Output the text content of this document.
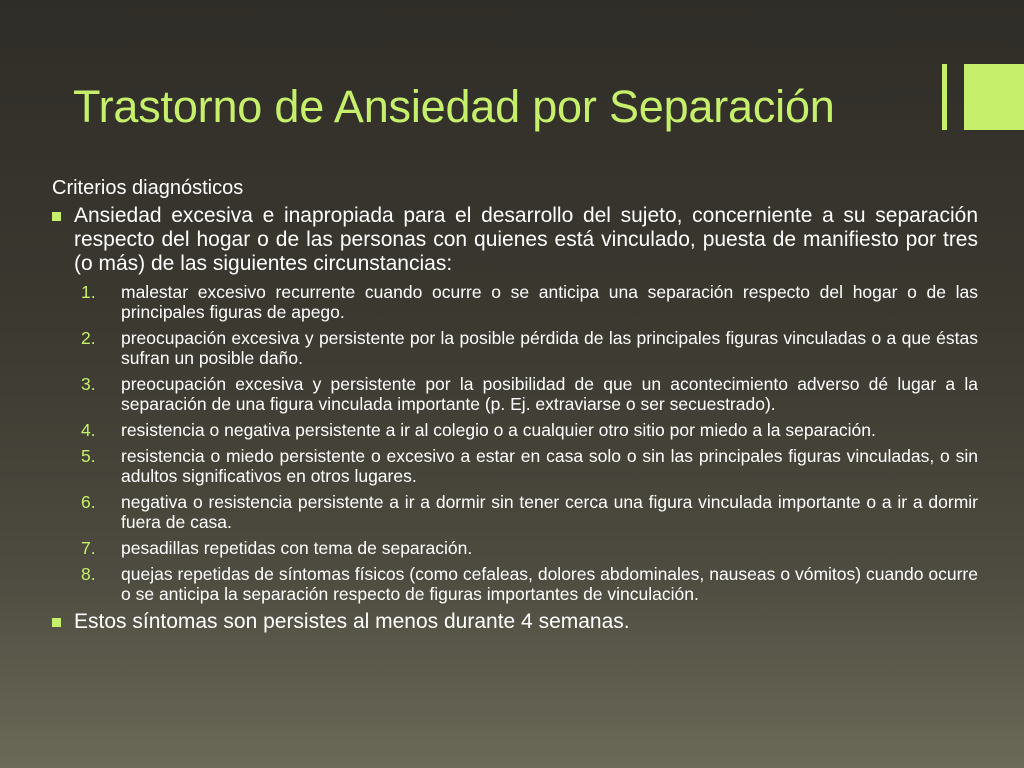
Trastorno de Ansiedad por Separación
Criterios diagnósticos
Ansiedad excesiva e inapropiada para el desarrollo del sujeto, concerniente a su separación respecto del hogar o de las personas con quienes está vinculado, puesta de manifiesto por tres (o más) de las siguientes circunstancias:
1. malestar excesivo recurrente cuando ocurre o se anticipa una separación respecto del hogar o de las principales figuras de apego.
2. preocupación excesiva y persistente por la posible pérdida de las principales figuras vinculadas o a que éstas sufran un posible daño.
3. preocupación excesiva y persistente por la posibilidad de que un acontecimiento adverso dé lugar a la separación de una figura vinculada importante (p. Ej. extraviarse o ser secuestrado).
4. resistencia o negativa persistente a ir al colegio o a cualquier otro sitio por miedo a la separación.
5. resistencia o miedo persistente o excesivo a estar en casa solo o sin las principales figuras vinculadas, o sin adultos significativos en otros lugares.
6. negativa o resistencia persistente a ir a dormir sin tener cerca una figura vinculada importante o a ir a dormir fuera de casa.
7. pesadillas repetidas con tema de separación.
8. quejas repetidas de síntomas físicos (como cefaleas, dolores abdominales, nauseas o vómitos) cuando ocurre o se anticipa la separación respecto de figuras importantes de vinculación.
Estos síntomas son persistes al menos durante 4 semanas.
